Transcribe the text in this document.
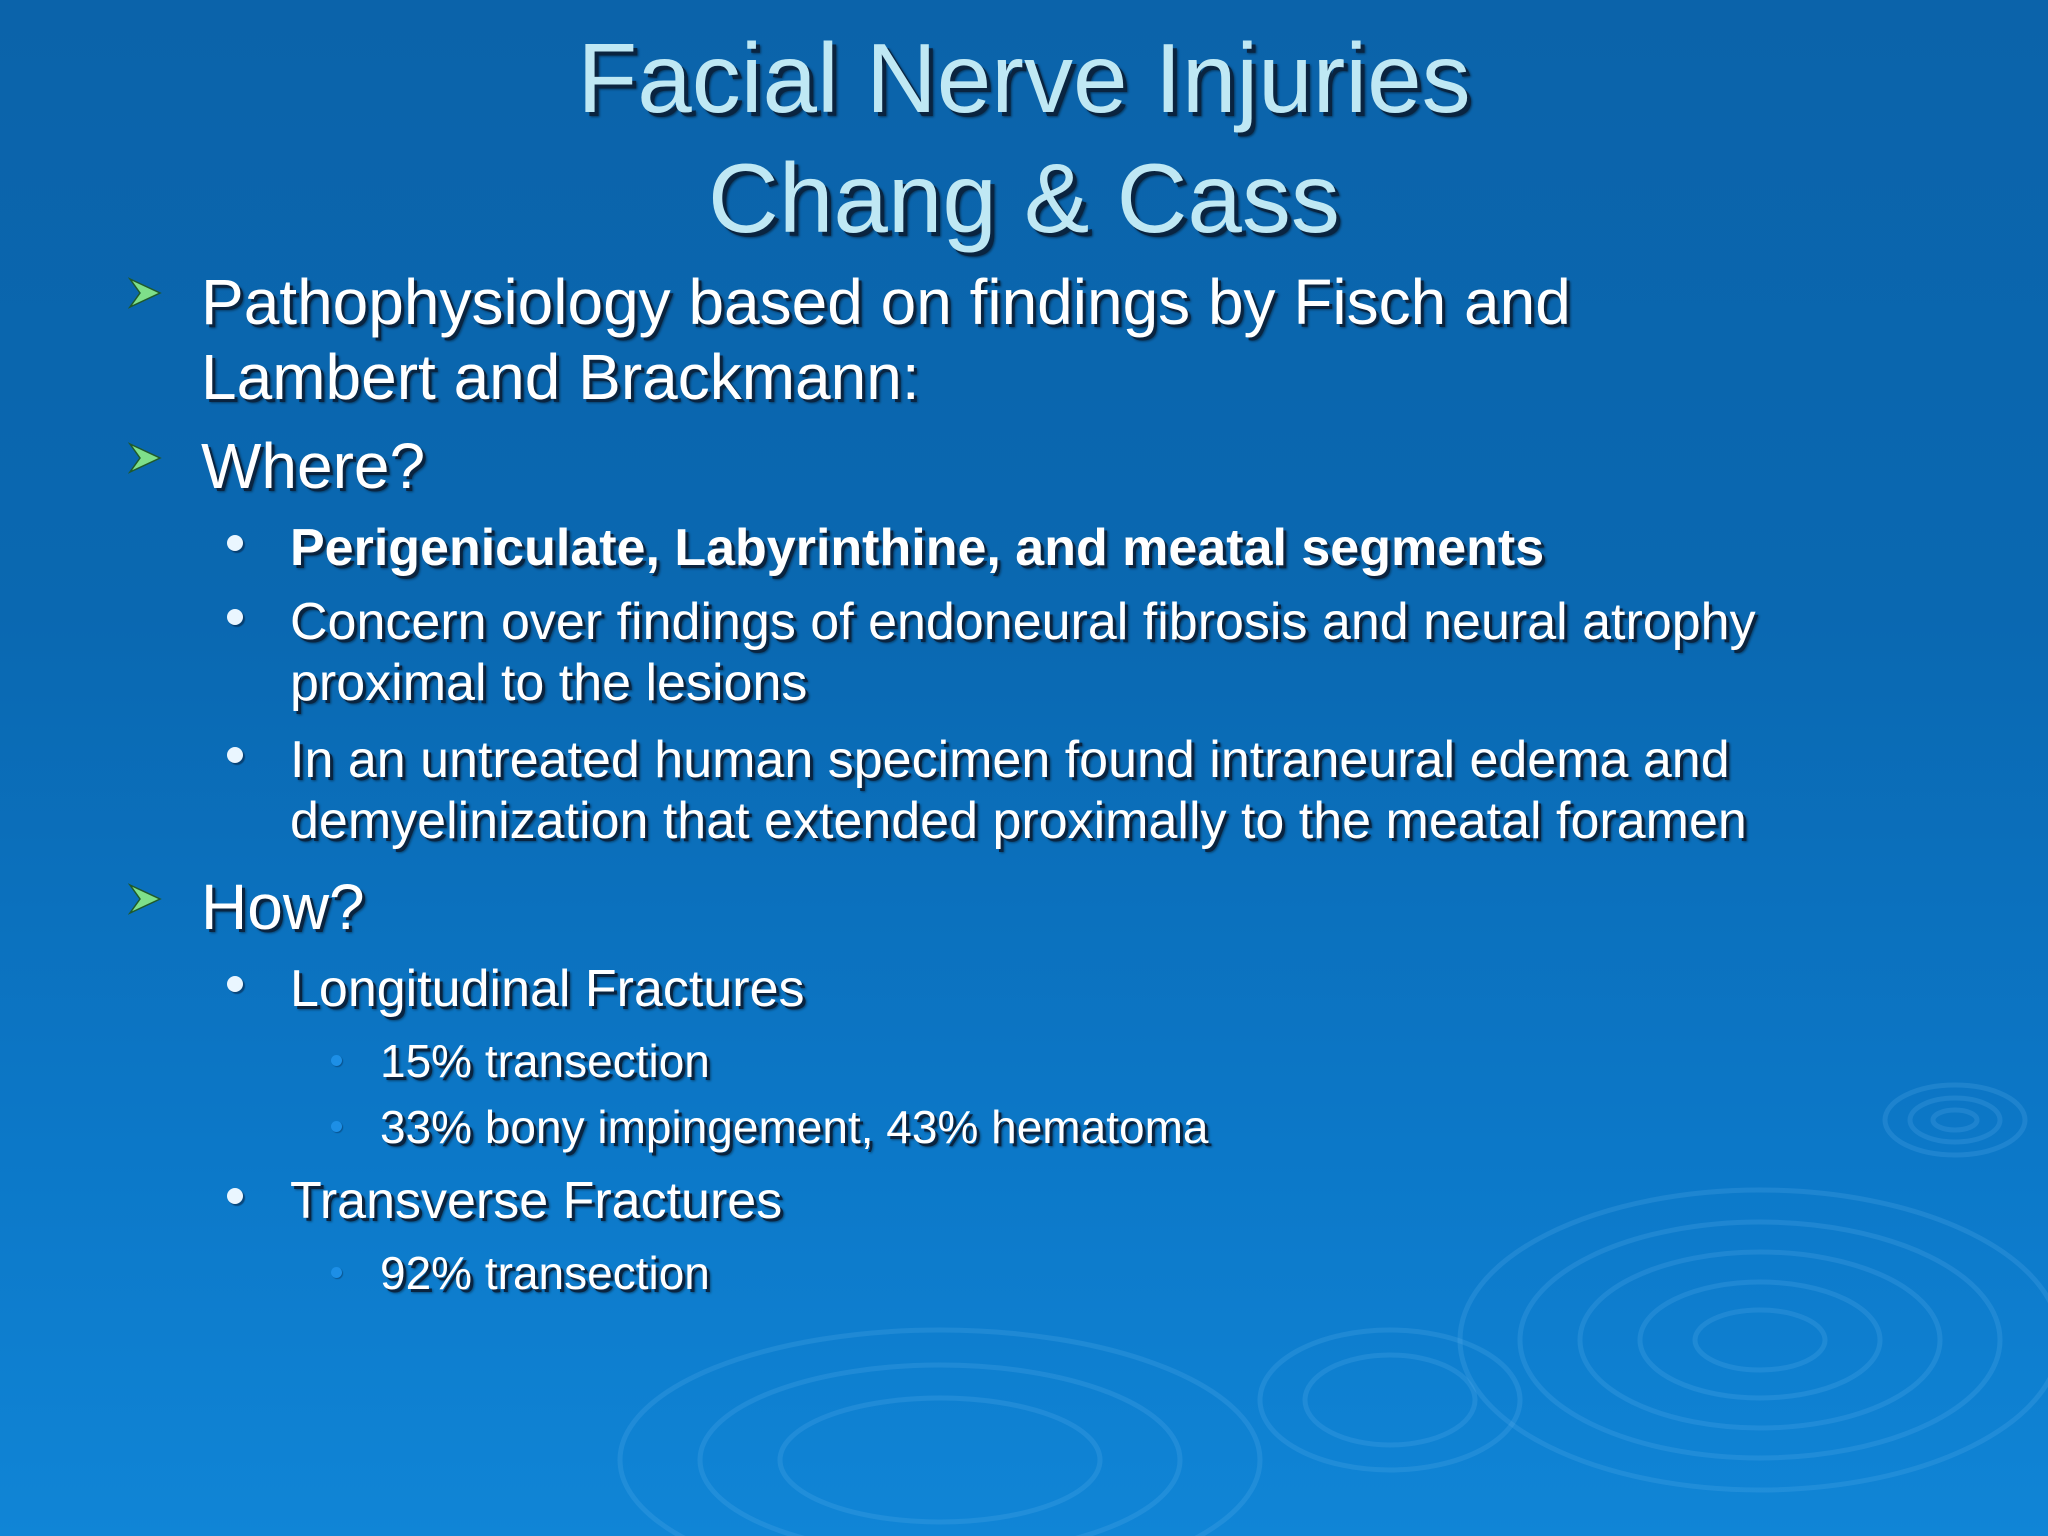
Facial Nerve Injuries
Chang & Cass
Pathophysiology based on findings by Fisch and
Lambert and Brackmann:
Where?
Perigeniculate, Labyrinthine, and meatal segments
Concern over findings of endoneural fibrosis and neural atrophy
proximal to the lesions
In an untreated human specimen found intraneural edema and
demyelinization that extended proximally to the meatal foramen
How?
Longitudinal Fractures
15% transection
33% bony impingement, 43% hematoma
Transverse Fractures
92% transection
